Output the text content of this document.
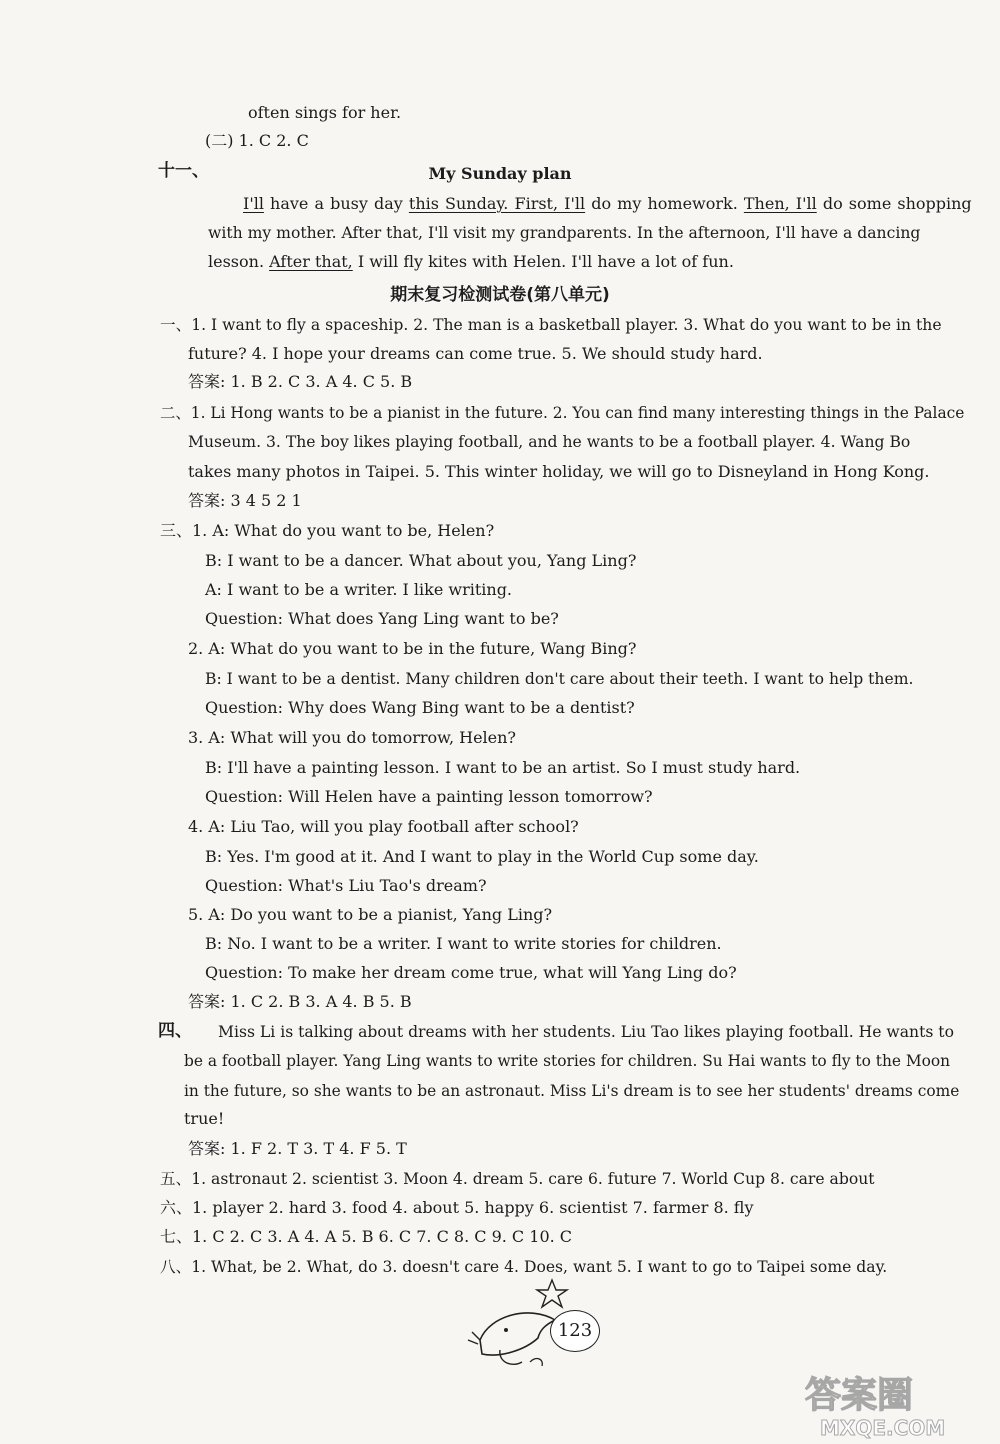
often sings for her.
(二) 1. C 2. C
十一、	My Sunday plan
I'll have a busy day this Sunday. First, I'll do my homework. Then, I'll do some shopping
with my mother. After that, I'll visit my grandparents. In the afternoon, I'll have a dancing
lesson. After that, I will fly kites with Helen. I'll have a lot of fun.
期末复习检测试卷(第八单元)
一、1. I want to fly a spaceship. 2. The man is a basketball player. 3. What do you want to be in the
future? 4. I hope your dreams can come true. 5. We should study hard.
答案: 1. B 2. C 3. A 4. C 5. B
二、1. Li Hong wants to be a pianist in the future. 2. You can find many interesting things in the Palace
Museum. 3. The boy likes playing football, and he wants to be a football player. 4. Wang Bo
takes many photos in Taipei. 5. This winter holiday, we will go to Disneyland in Hong Kong.
答案: 3 4 5 2 1
三、1. A: What do you want to be, Helen?
B: I want to be a dancer. What about you, Yang Ling?
A: I want to be a writer. I like writing.
Question: What does Yang Ling want to be?
2. A: What do you want to be in the future, Wang Bing?
B: I want to be a dentist. Many children don't care about their teeth. I want to help them.
Question: Why does Wang Bing want to be a dentist?
3. A: What will you do tomorrow, Helen?
B: I'll have a painting lesson. I want to be an artist. So I must study hard.
Question: Will Helen have a painting lesson tomorrow?
4. A: Liu Tao, will you play football after school?
B: Yes. I'm good at it. And I want to play in the World Cup some day.
Question: What's Liu Tao's dream?
5. A: Do you want to be a pianist, Yang Ling?
B: No. I want to be a writer. I want to write stories for children.
Question: To make her dream come true, what will Yang Ling do?
答案: 1. C 2. B 3. A 4. B 5. B
四、 Miss Li is talking about dreams with her students. Liu Tao likes playing football. He wants to
be a football player. Yang Ling wants to write stories for children. Su Hai wants to fly to the Moon
in the future, so she wants to be an astronaut. Miss Li's dream is to see her students' dreams come
true!
答案: 1. F 2. T 3. T 4. F 5. T
五、1. astronaut 2. scientist 3. Moon 4. dream 5. care 6. future 7. World Cup 8. care about
六、1. player 2. hard 3. food 4. about 5. happy 6. scientist 7. farmer 8. fly
七、1. C 2. C 3. A 4. A 5. B 6. C 7. C 8. C 9. C 10. C
八、1. What, be 2. What, do 3. doesn't care 4. Does, want 5. I want to go to Taipei some day.
123
答案圈
MXQE.COM
